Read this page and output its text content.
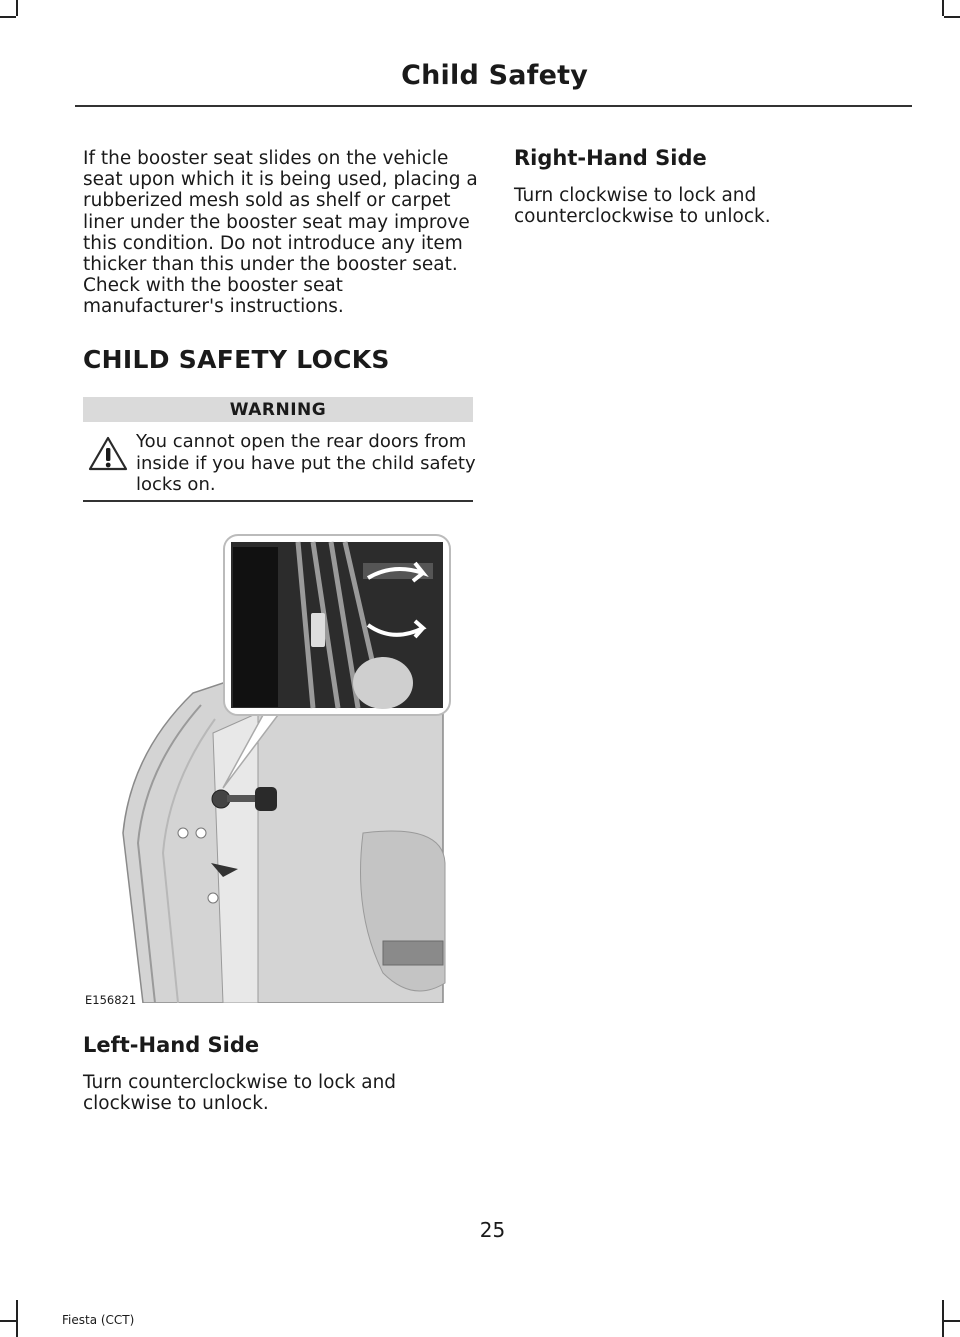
Child Safety
If the booster seat slides on the vehicle seat upon which it is being used, placing a rubberized mesh sold as shelf or carpet liner under the booster seat may improve this condition. Do not introduce any item thicker than this under the booster seat. Check with the booster seat manufacturer's instructions.
CHILD SAFETY LOCKS
WARNING
You cannot open the rear doors from inside if you have put the child safety locks on.
E156821
Left-Hand Side
Turn counterclockwise to lock and clockwise to unlock.
Right-Hand Side
Turn clockwise to lock and counterclockwise to unlock.
25
Fiesta (CCT)
